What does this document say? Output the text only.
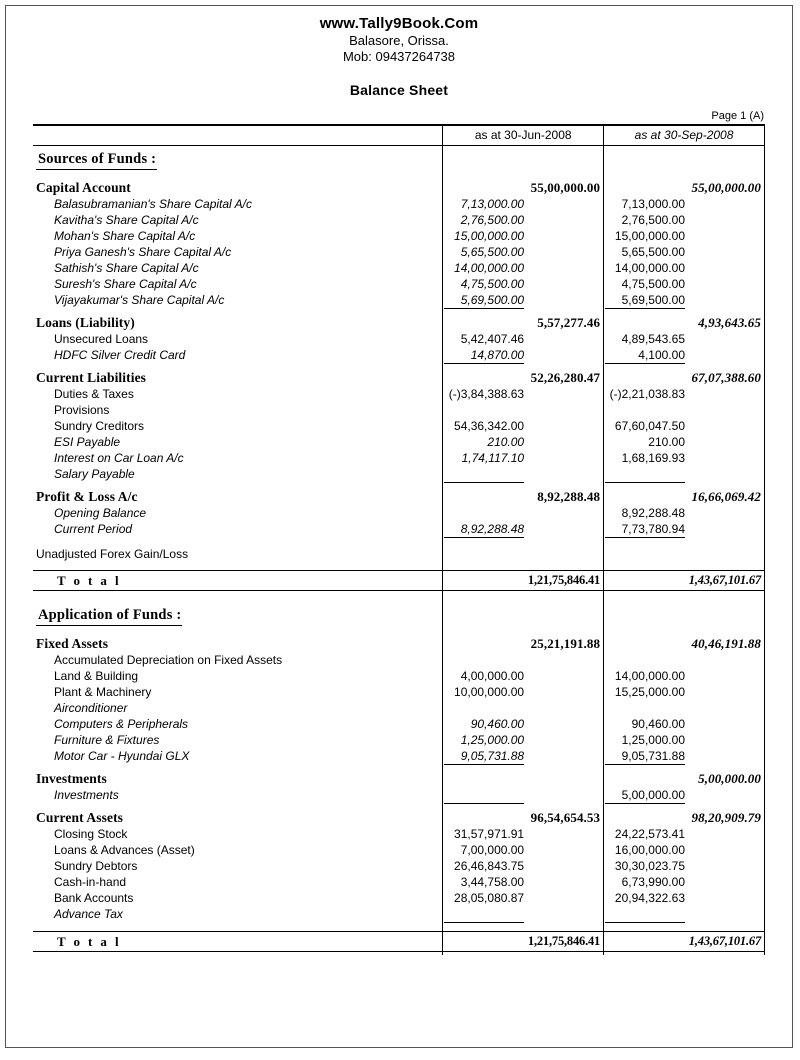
www.Tally9Book.Com
Balasore, Orissa.
Mob: 09437264738
Balance Sheet
Page 1 (A)

	as at 30-Jun-2008	as at 30-Sep-2008

Sources of Funds :		

Capital Account	55,00,000.00	55,00,000.00

Balasubramanian's Share Capital A/c	7,13,000.00	7,13,000.00

Kavitha's Share Capital A/c	2,76,500.00	2,76,500.00

Mohan's Share Capital A/c	15,00,000.00	15,00,000.00

Priya Ganesh's Share Capital A/c	5,65,500.00	5,65,500.00

Sathish's Share Capital A/c	14,00,000.00	14,00,000.00

Suresh's Share Capital A/c	4,75,500.00	4,75,500.00

Vijayakumar's Share Capital A/c	5,69,500.00	5,69,500.00

Loans (Liability)	5,57,277.46	4,93,643.65

Unsecured Loans	5,42,407.46	4,89,543.65

HDFC Silver Credit Card	14,870.00	4,100.00

Current Liabilities	52,26,280.47	67,07,388.60

Duties & Taxes	(-)3,84,388.63	(-)2,21,038.83

Provisions		

Sundry Creditors	54,36,342.00	67,60,047.50

ESI Payable	210.00	210.00

Interest on Car Loan A/c	1,74,117.10	1,68,169.93

Salary Payable		

Profit & Loss A/c	8,92,288.48	16,66,069.42

Opening Balance		8,92,288.48

Current Period	8,92,288.48	7,73,780.94

Unadjusted Forex Gain/Loss		

T o t a l	1,21,75,846.41	1,43,67,101.67

Application of Funds :		

Fixed Assets	25,21,191.88	40,46,191.88

Accumulated Depreciation on Fixed Assets		

Land & Building	4,00,000.00	14,00,000.00

Plant & Machinery	10,00,000.00	15,25,000.00

Airconditioner		

Computers & Peripherals	90,460.00	90,460.00

Furniture & Fixtures	1,25,000.00	1,25,000.00

Motor Car - Hyundai GLX	9,05,731.88	9,05,731.88

Investments		5,00,000.00

Investments		5,00,000.00

Current Assets	96,54,654.53	98,20,909.79

Closing Stock	31,57,971.91	24,22,573.41

Loans & Advances (Asset)	7,00,000.00	16,00,000.00

Sundry Debtors	26,46,843.75	30,30,023.75

Cash-in-hand	3,44,758.00	6,73,990.00

Bank Accounts	28,05,080.87	20,94,322.63

Advance Tax		

T o t a l	1,21,75,846.41	1,43,67,101.67
